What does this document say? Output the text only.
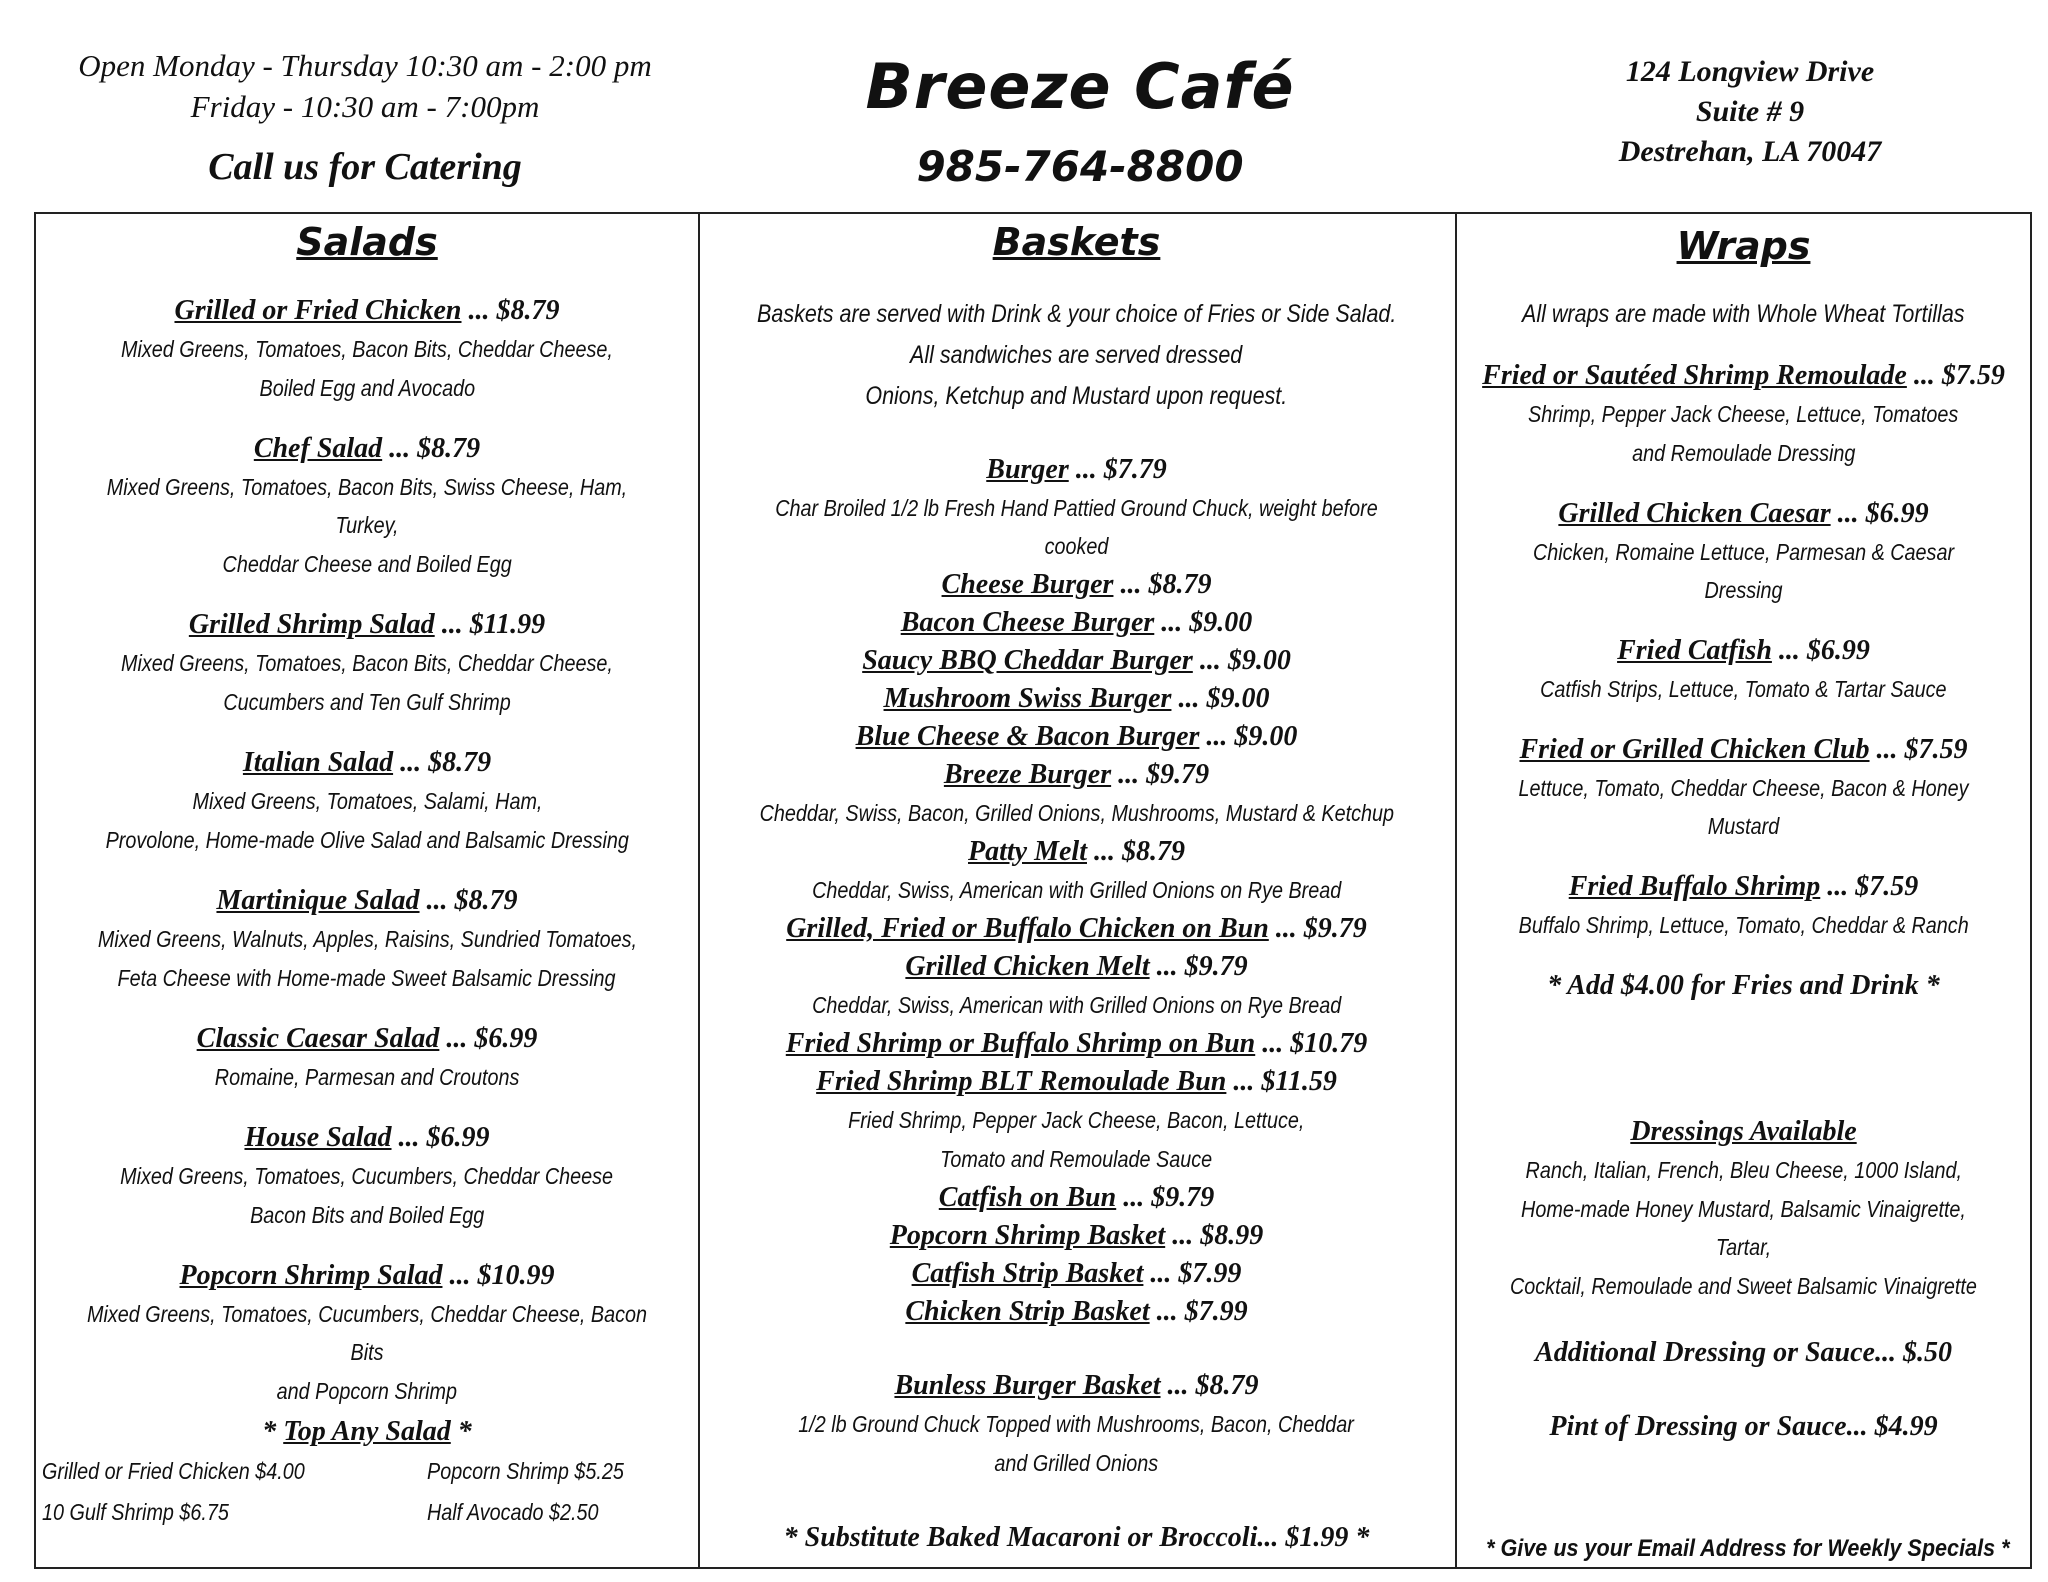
Open Monday - Thursday 10:30 am - 2:00 pm
Friday - 10:30 am - 7:00pm
Call us for Catering
Breeze Café
985-764-8800
124 Longview Drive
Suite # 9
Destrehan, LA 70047
Salads
Grilled or Fried Chicken ... $8.79
Mixed Greens, Tomatoes, Bacon Bits, Cheddar Cheese,
Boiled Egg and Avocado
Chef Salad ... $8.79
Mixed Greens, Tomatoes, Bacon Bits, Swiss Cheese, Ham, Turkey,
Cheddar Cheese and Boiled Egg
Grilled Shrimp Salad ... $11.99
Mixed Greens, Tomatoes, Bacon Bits, Cheddar Cheese,
Cucumbers and Ten Gulf Shrimp
Italian Salad ... $8.79
Mixed Greens, Tomatoes, Salami, Ham,
Provolone, Home-made Olive Salad and Balsamic Dressing
Martinique Salad ... $8.79
Mixed Greens, Walnuts, Apples, Raisins, Sundried Tomatoes,
Feta Cheese with Home-made Sweet Balsamic Dressing
Classic Caesar Salad ... $6.99
Romaine, Parmesan and Croutons
House Salad ... $6.99
Mixed Greens, Tomatoes, Cucumbers, Cheddar Cheese
Bacon Bits and Boiled Egg
Popcorn Shrimp Salad ... $10.99
Mixed Greens, Tomatoes, Cucumbers, Cheddar Cheese, Bacon Bits
and Popcorn Shrimp
* Top Any Salad *
Grilled or Fried Chicken $4.00	Popcorn Shrimp $5.25
10 Gulf Shrimp $6.75	Half Avocado $2.50
Baskets
Baskets are served with Drink & your choice of Fries or Side Salad.
All sandwiches are served dressed
Onions, Ketchup and Mustard upon request.
Burger ... $7.79
Char Broiled 1/2 lb Fresh Hand Pattied Ground Chuck, weight before cooked
Cheese Burger ... $8.79
Bacon Cheese Burger ... $9.00
Saucy BBQ Cheddar Burger ... $9.00
Mushroom Swiss Burger ... $9.00
Blue Cheese & Bacon Burger ... $9.00
Breeze Burger ... $9.79
Cheddar, Swiss, Bacon, Grilled Onions, Mushrooms, Mustard & Ketchup
Patty Melt ... $8.79
Cheddar, Swiss, American with Grilled Onions on Rye Bread
Grilled, Fried or Buffalo Chicken on Bun ... $9.79
Grilled Chicken Melt ... $9.79
Cheddar, Swiss, American with Grilled Onions on Rye Bread
Fried Shrimp or Buffalo Shrimp on Bun ... $10.79
Fried Shrimp BLT Remoulade Bun ... $11.59
Fried Shrimp, Pepper Jack Cheese, Bacon, Lettuce,
Tomato and Remoulade Sauce
Catfish on Bun ... $9.79
Popcorn Shrimp Basket ... $8.99
Catfish Strip Basket ... $7.99
Chicken Strip Basket ... $7.99
Bunless Burger Basket ... $8.79
1/2 lb Ground Chuck Topped with Mushrooms, Bacon, Cheddar
and Grilled Onions
* Substitute Baked Macaroni or Broccoli... $1.99 *
Wraps
All wraps are made with Whole Wheat Tortillas
Fried or Sautéed Shrimp Remoulade ... $7.59
Shrimp, Pepper Jack Cheese, Lettuce, Tomatoes
and Remoulade Dressing
Grilled Chicken Caesar ... $6.99
Chicken, Romaine Lettuce, Parmesan & Caesar Dressing
Fried Catfish ... $6.99
Catfish Strips, Lettuce, Tomato & Tartar Sauce
Fried or Grilled Chicken Club ... $7.59
Lettuce, Tomato, Cheddar Cheese, Bacon & Honey Mustard
Fried Buffalo Shrimp ... $7.59
Buffalo Shrimp, Lettuce, Tomato, Cheddar & Ranch
* Add $4.00 for Fries and Drink *
Dressings Available
Ranch, Italian, French, Bleu Cheese, 1000 Island,
Home-made Honey Mustard, Balsamic Vinaigrette, Tartar,
Cocktail, Remoulade and Sweet Balsamic Vinaigrette
Additional Dressing or Sauce... $.50
Pint of Dressing or Sauce... $4.99
* Give us your Email Address for Weekly Specials *
